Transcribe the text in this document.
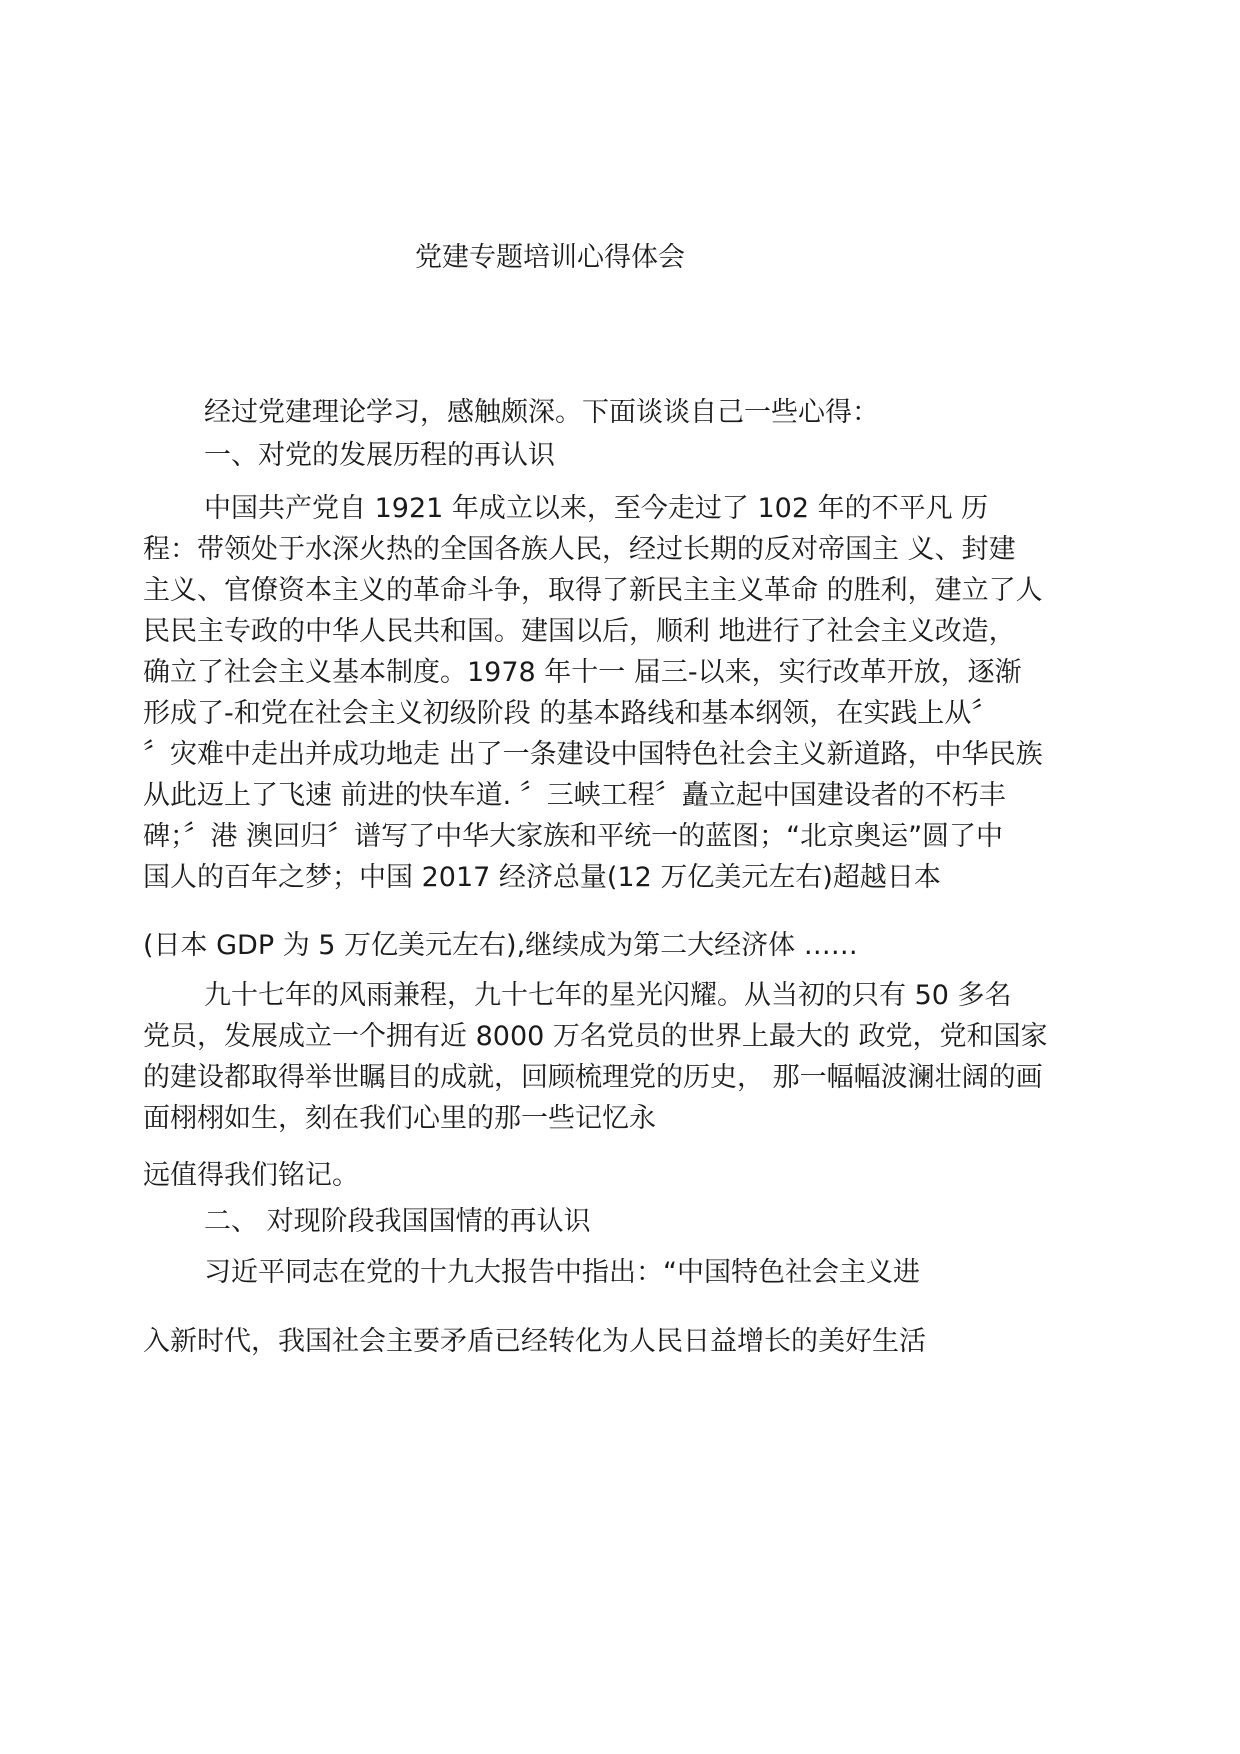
党建专题培训心得体会
经过党建理论学习，感触颇深。下面谈谈自己一些心得：
一、对党的发展历程的再认识
中国共产党自 1921 年成立以来，至今走过了 102 年的不平凡 历
程：带领处于水深火热的全国各族人民，经过长期的反对帝国主 义、封建
主义、官僚资本主义的革命斗争，取得了新民主主义革命 的胜利，建立了人
民民主专政的中华人民共和国。建国以后，顺利 地进行了社会主义改造，
确立了社会主义基本制度。1978 年十一 届三-以来，实行改革开放，逐渐
形成了-和党在社会主义初级阶段 的基本路线和基本纲领，在实践上从〞
〞灾难中走出并成功地走 出了一条建设中国特色社会主义新道路，中华民族
从此迈上了飞速 前进的快车道. 〞三峡工程〞矗立起中国建设者的不朽丰
碑；〞港 澳回归〞谱写了中华大家族和平统一的蓝图；“北京奥运”圆了中
国人的百年之梦；中国 2017 经济总量(12 万亿美元左右)超越日本
(日本 GDP 为 5 万亿美元左右),继续成为第二大经济体 ……
九十七年的风雨兼程，九十七年的星光闪耀。从当初的只有 50 多名
党员，发展成立一个拥有近 8000 万名党员的世界上最大的 政党，党和国家
的建设都取得举世瞩目的成就，回顾梳理党的历史， 那一幅幅波澜壮阔的画
面栩栩如生，刻在我们心里的那一些记忆永
远值得我们铭记。
二、 对现阶段我国国情的再认识
习近平同志在党的十九大报告中指出：“中国特色社会主义进
入新时代，我国社会主要矛盾已经转化为人民日益增长的美好生活
